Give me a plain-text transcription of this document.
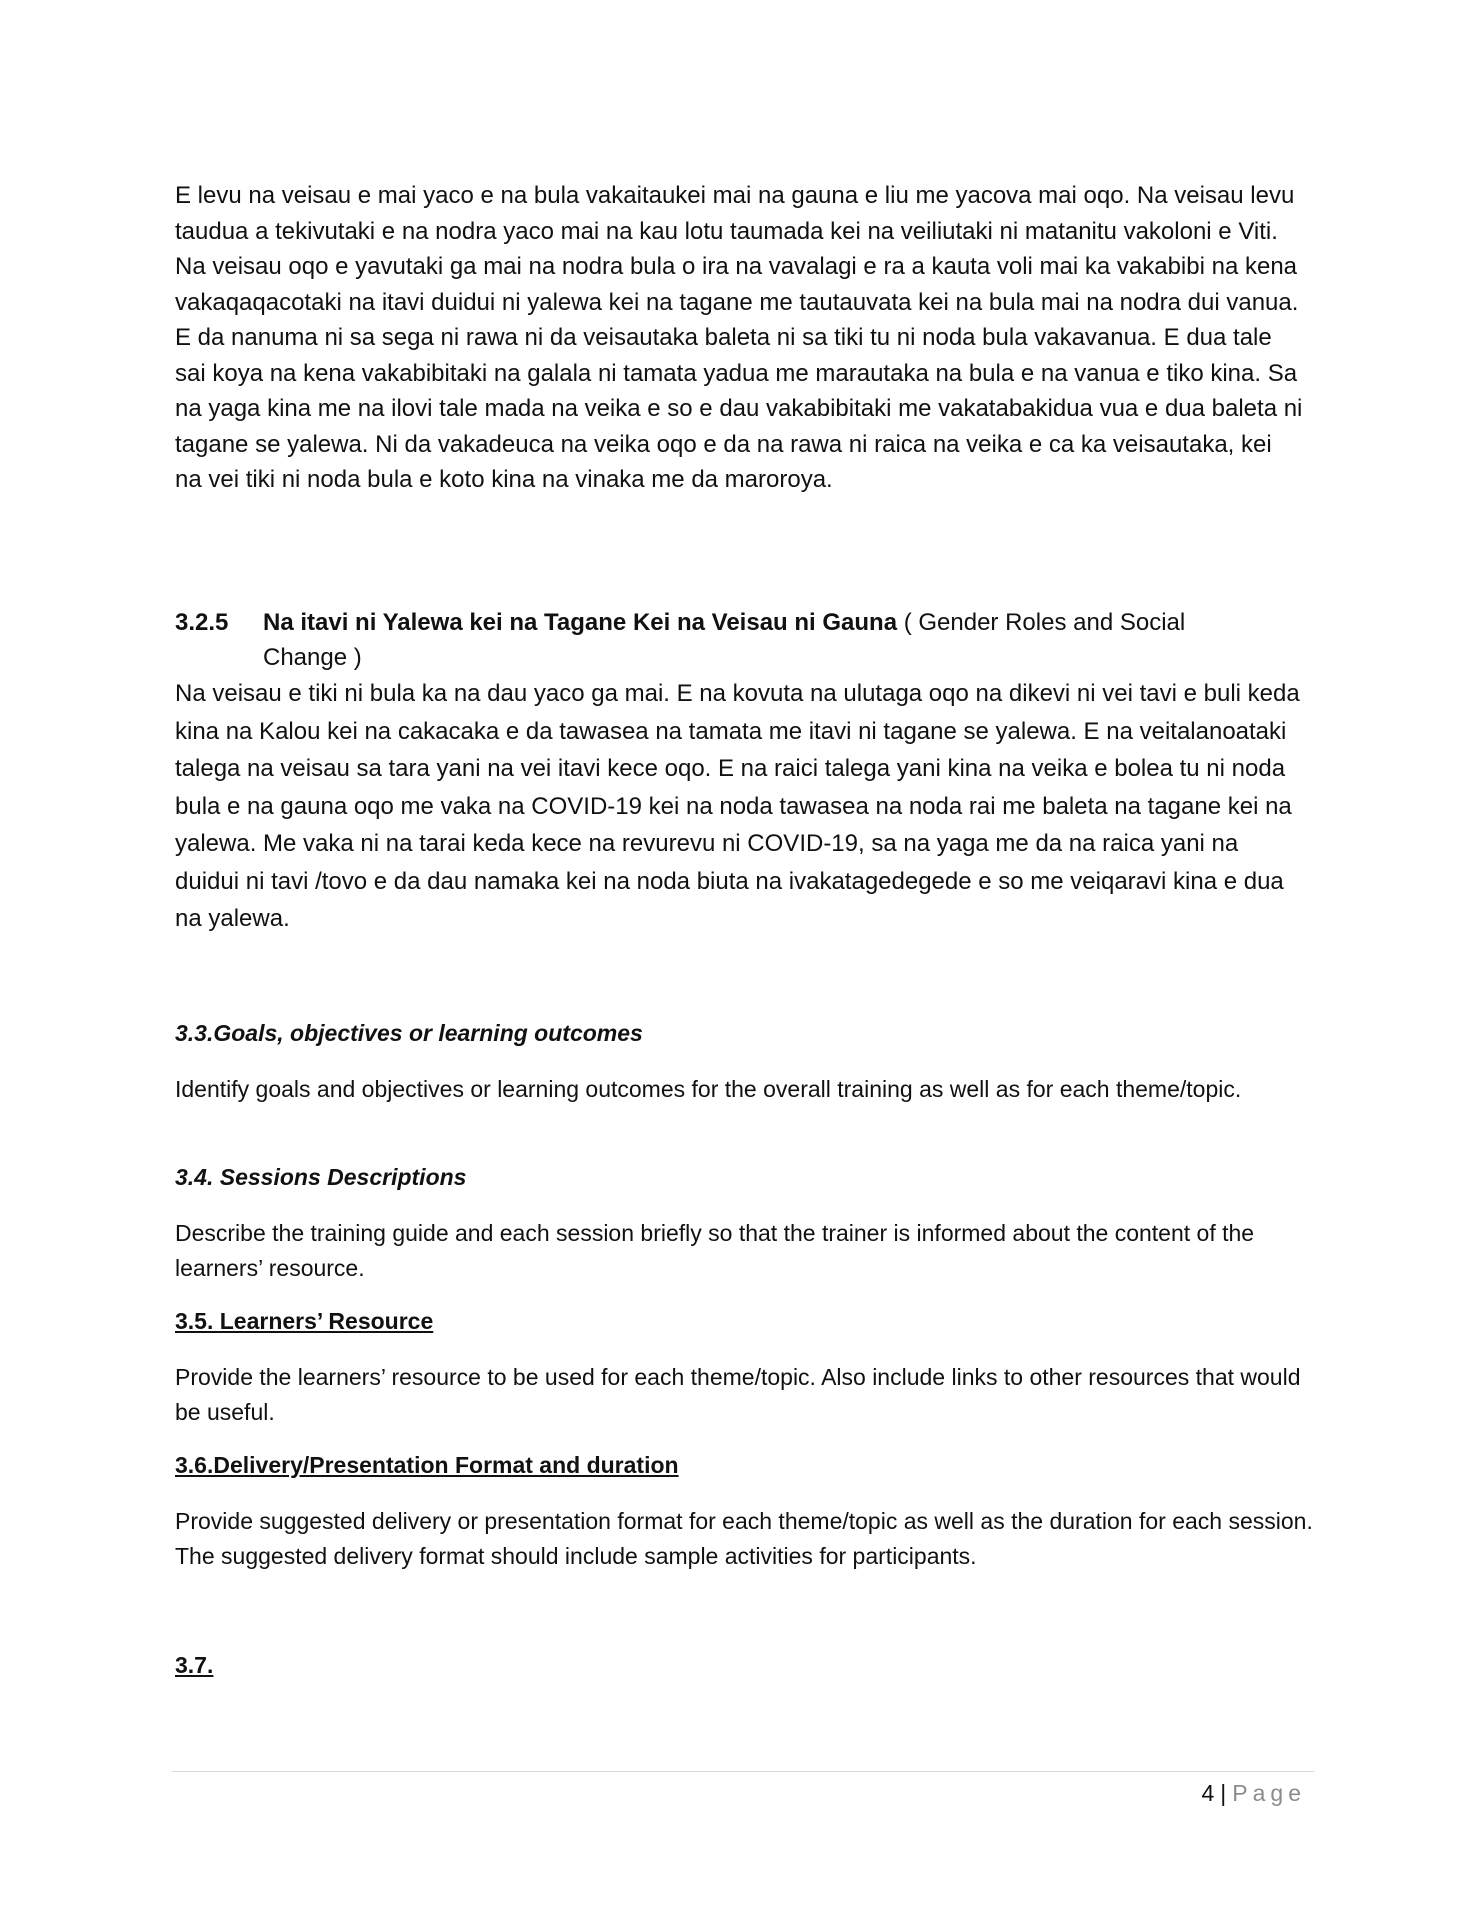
E levu na veisau e mai yaco e na bula vakaitaukei mai na gauna e liu me yacova mai oqo. Na veisau levu taudua a tekivutaki e na nodra yaco mai na kau lotu taumada kei na veiliutaki ni matanitu vakoloni e Viti. Na veisau oqo e yavutaki ga mai na nodra bula o ira na vavalagi e ra a kauta voli mai ka vakabibi na kena vakaqaqacotaki na itavi duidui ni yalewa kei na tagane me tautauvata kei na bula mai na nodra dui vanua. E da nanuma ni sa sega ni rawa ni da veisautaka baleta ni sa tiki tu ni noda bula vakavanua. E dua tale sai koya na kena vakabibitaki na galala ni tamata yadua me marautaka na bula e na vanua e tiko kina. Sa na yaga kina me na ilovi tale mada na veika e so e dau vakabibitaki me vakatabakidua vua e dua baleta ni tagane se yalewa. Ni da vakadeuca na veika oqo e da na rawa ni raica na veika e ca ka veisautaka, kei na vei tiki ni noda bula e koto kina na vinaka me da maroroya.

3.2.5 Na itavi ni Yalewa kei na Tagane Kei na Veisau ni Gauna ( Gender Roles and Social
Change )

Na veisau e tiki ni bula ka na dau yaco ga mai. E na kovuta na ulutaga oqo na dikevi ni vei tavi e buli keda kina na Kalou kei na cakacaka e da tawasea na tamata me itavi ni tagane se yalewa. E na veitalanoataki talega na veisau sa tara yani na vei itavi kece oqo. E na raici talega yani kina na veika e bolea tu ni noda bula e na gauna oqo me vaka na COVID-19 kei na noda tawasea na noda rai me baleta na tagane kei na yalewa. Me vaka ni na tarai keda kece na revurevu ni COVID-19, sa na yaga me da na raica yani na duidui ni tavi /tovo e da dau namaka kei na noda biuta na ivakatagedegede e so me veiqaravi kina e dua na yalewa.

3.3.Goals, objectives or learning outcomes

Identify goals and objectives or learning outcomes for the overall training as well as for each theme/topic.

3.4. Sessions Descriptions

Describe the training guide and each session briefly so that the trainer is informed about the content of the learners’ resource.

3.5. Learners’ Resource

Provide the learners’ resource to be used for each theme/topic. Also include links to other resources that would be useful.

3.6.Delivery/Presentation Format and duration

Provide suggested delivery or presentation format for each theme/topic as well as the duration for each session. The suggested delivery format should include sample activities for participants.

3.7.

4 | Page
